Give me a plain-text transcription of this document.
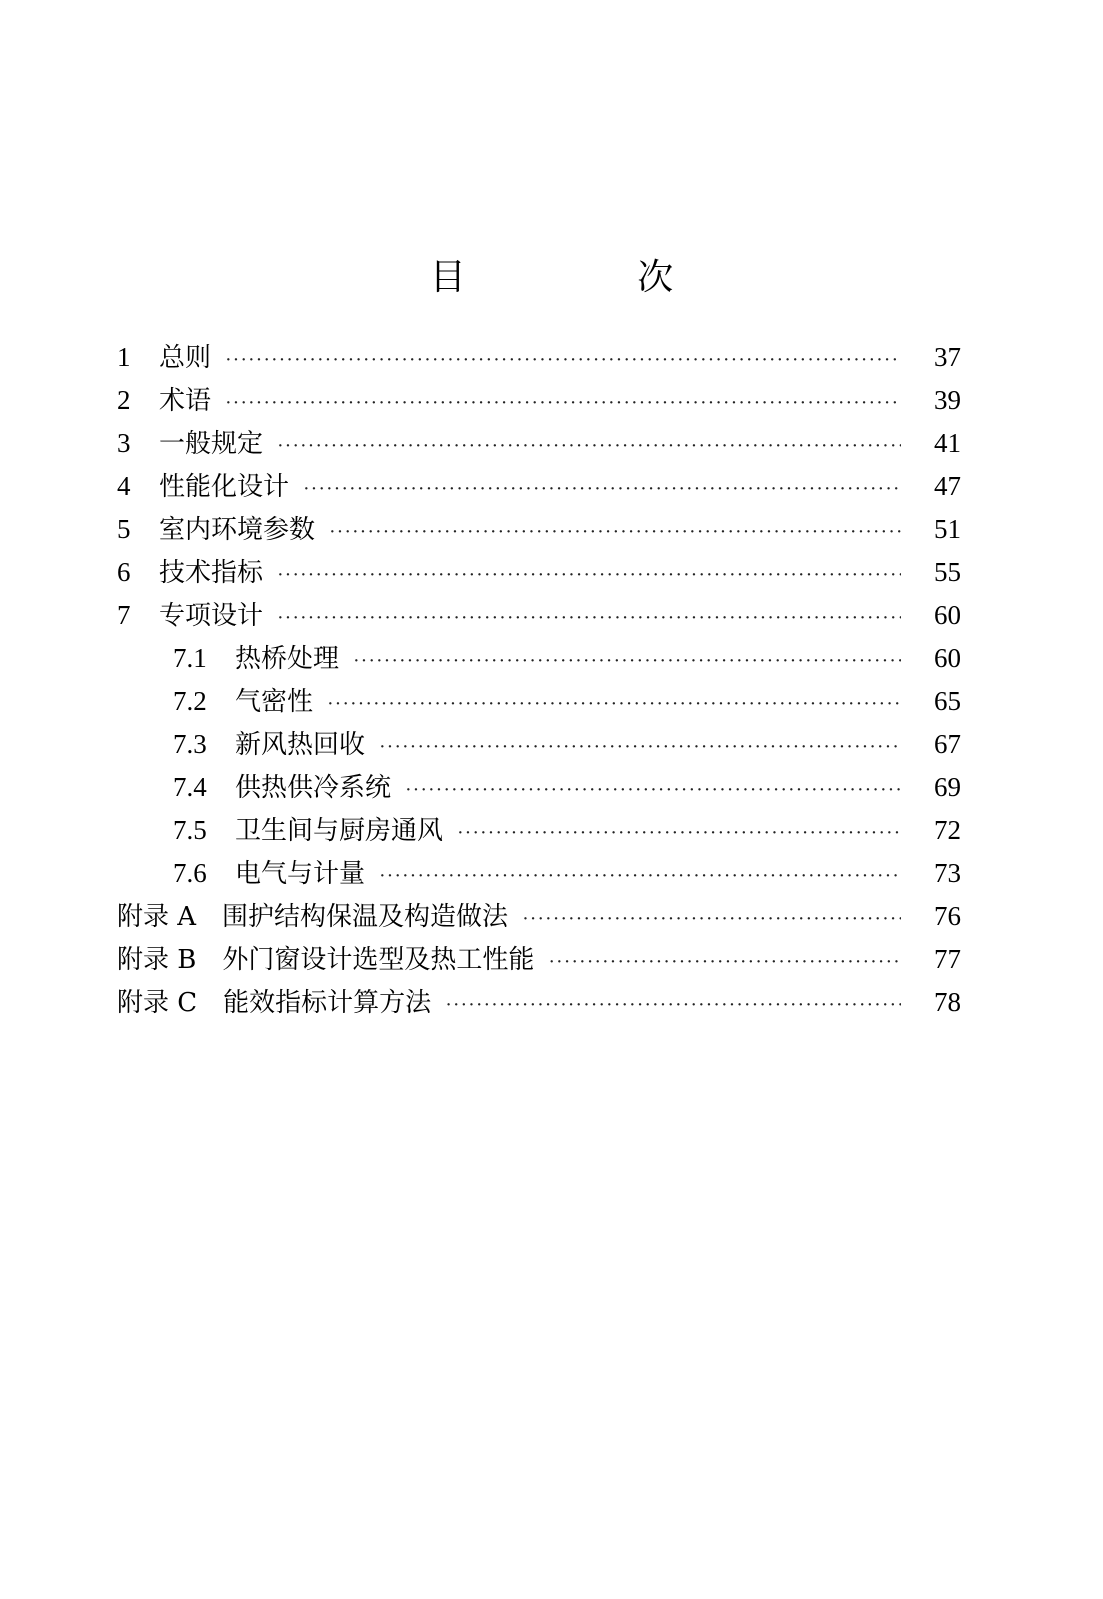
目 次
1	总则 ·····	37
2	术语 ·····	39
3	一般规定 ·····	41
4	性能化设计 ·····	47
5	室内环境参数 ·····	51
6	技术指标 ·····	55
7	专项设计 ·····	60
7.1	热桥处理 ·····	60
7.2	气密性 ·····	65
7.3	新风热回收 ·····	67
7.4	供热供冷系统 ·····	69
7.5	卫生间与厨房通风 ·····	72
7.6	电气与计量 ·····	73
附录 A 围护结构保温及构造做法 ·····	76
附录 B 外门窗设计选型及热工性能 ·····	77
附录 C 能效指标计算方法 ·····	78
